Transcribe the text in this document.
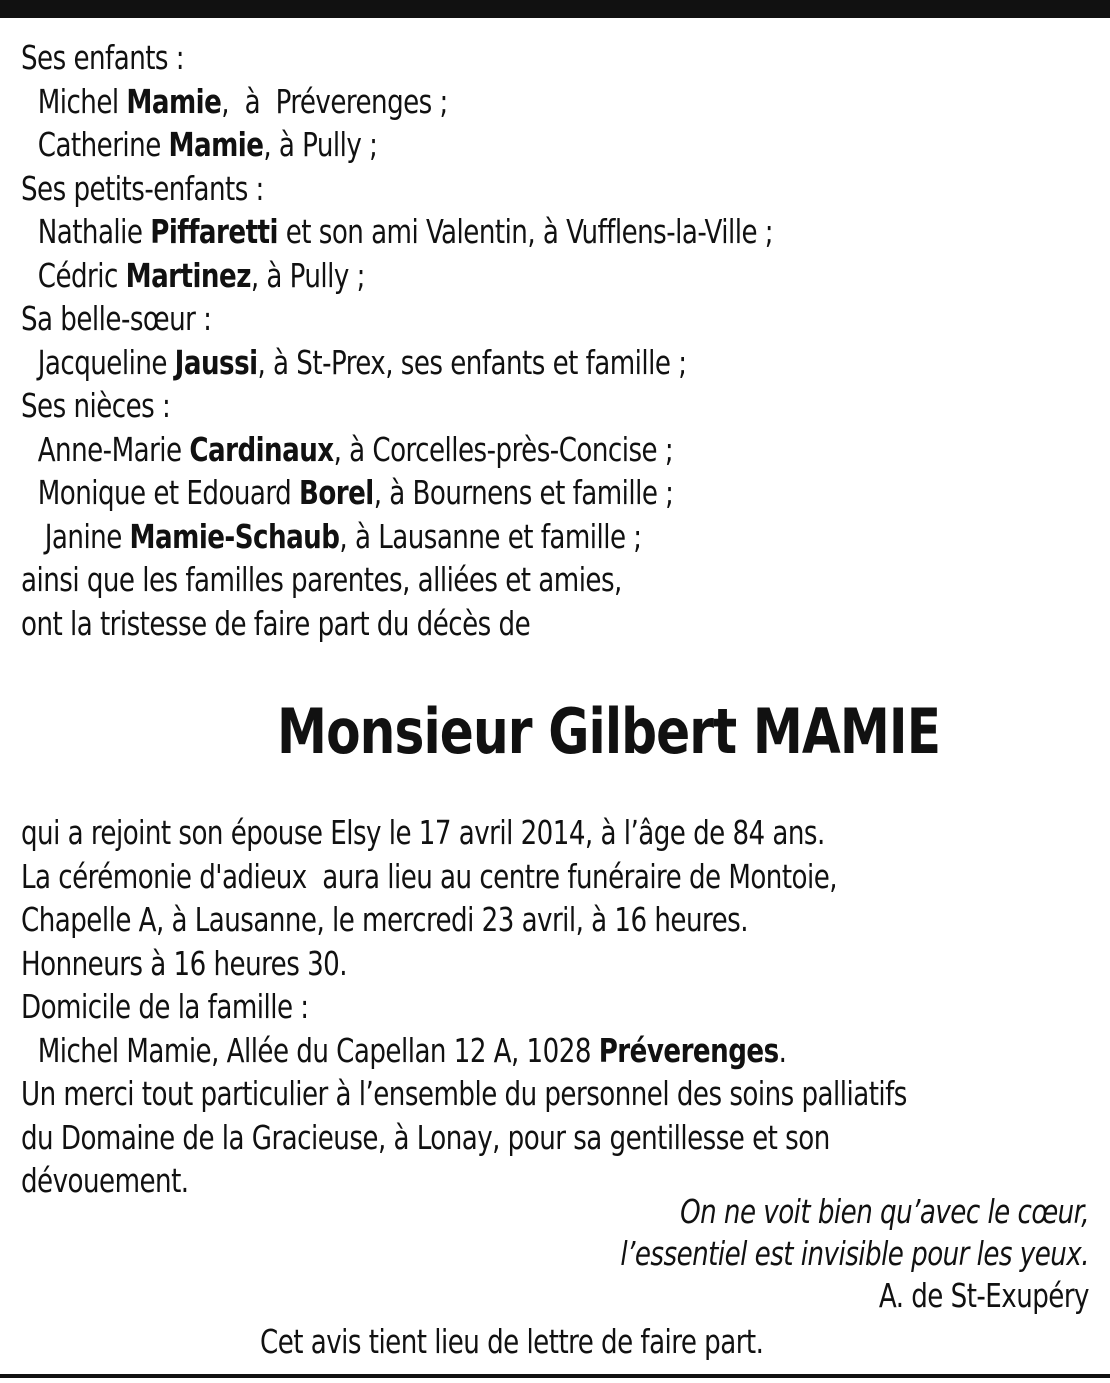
Ses enfants :
Michel Mamie,  à  Préverenges ;
Catherine Mamie, à Pully ;
Ses petits-enfants :
Nathalie Piffaretti et son ami Valentin, à Vufflens-la-Ville ;
Cédric Martinez, à Pully ;
Sa belle-sœur :
Jacqueline Jaussi, à St-Prex, ses enfants et famille ;
Ses nièces :
Anne-Marie Cardinaux, à Corcelles-près-Concise ;
Monique et Edouard Borel, à Bournens et famille ;
Janine Mamie-Schaub, à Lausanne et famille ;
ainsi que les familles parentes, alliées et amies,
ont la tristesse de faire part du décès de
Monsieur Gilbert MAMIE
qui a rejoint son épouse Elsy le 17 avril 2014, à l’âge de 84 ans.
La cérémonie d'adieux  aura lieu au centre funéraire de Montoie,
Chapelle A, à Lausanne, le mercredi 23 avril, à 16 heures.
Honneurs à 16 heures 30.
Domicile de la famille :
Michel Mamie, Allée du Capellan 12 A, 1028 Préverenges.
Un merci tout particulier à l’ensemble du personnel des soins palliatifs
du Domaine de la Gracieuse, à Lonay, pour sa gentillesse et son
dévouement.
On ne voit bien qu’avec le cœur,
l’essentiel est invisible pour les yeux.
A. de St-Exupéry
Cet avis tient lieu de lettre de faire part.
